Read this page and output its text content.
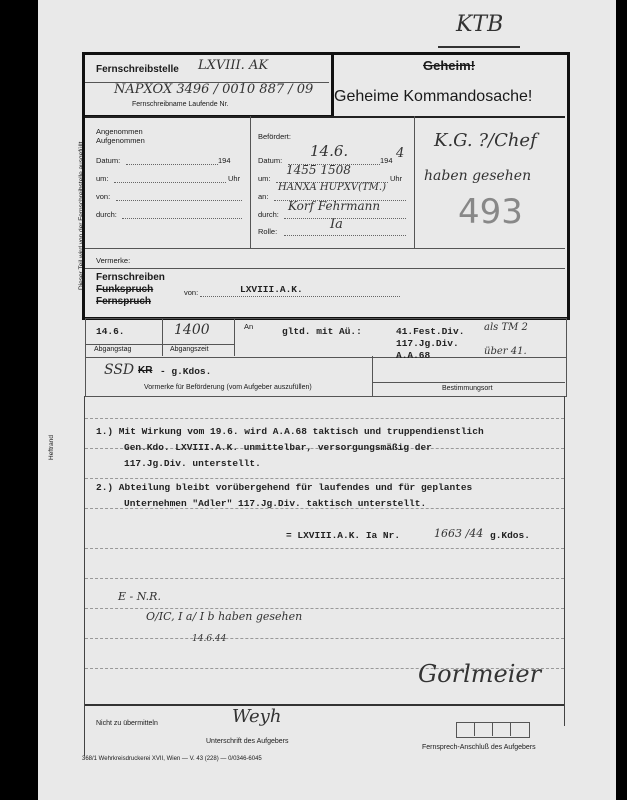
KTB
Geheim!
Geheime Kommandosache!
Dieser Teil wird von der Fernschreibstelle ausgefüllt.
Heftrand
Fernschreibstelle LXVIII. AK
NAPXOX 3496 / 0010 887 / 09
Fernschreibname Laufende Nr.
Angenommen
Aufgenommen
Datum:	194
um:	Uhr
von:
durch:
Befördert:
Datum:
14.6.
194 4
um:
1455 1508
Uhr
an:
HANXA HUPXV(TM.)
durch:
Korf Fehrmann
Rolle:	Ia
K.G. ?/Chef
haben gesehen
493
Vermerke:
Fernschreiben
Funkspruch
Fernspruch
von:	LXVIII.A.K.
14.6.
Abgangstag
1400
Abgangszeit
An	gltd. mit Aü.:	41.Fest.Div.
117.Jg.Div.
A.A.68
als TM 2
über 41.
SSD KR - g.Kdos.
Vormerke für Beförderung (vom Aufgeber auszufüllen)	Bestimmungsort
1.) Mit Wirkung vom 19.6. wird A.A.68 taktisch und truppendienstlich
Gen.Kdo. LXVIII.A.K. unmittelbar, versorgungsmäßig der
117.Jg.Div. unterstellt.
2.) Abteilung bleibt vorübergehend für laufendes und für geplantes
Unternehmen "Adler" 117.Jg.Div. taktisch unterstellt.
= LXVIII.A.K. Ia Nr.	1663 /44 g.Kdos.
E - N.R.
O/IC, I a/ I b haben gesehen
14.6.44
Gorlmeier
Nicht zu übermitteln	Weyh
Unterschrift des Aufgebers
Fernsprech-Anschluß des Aufgebers
368/1 Wehrkreisdruckerei XVII, Wien — V. 43 (228) — 0/0346-6045
